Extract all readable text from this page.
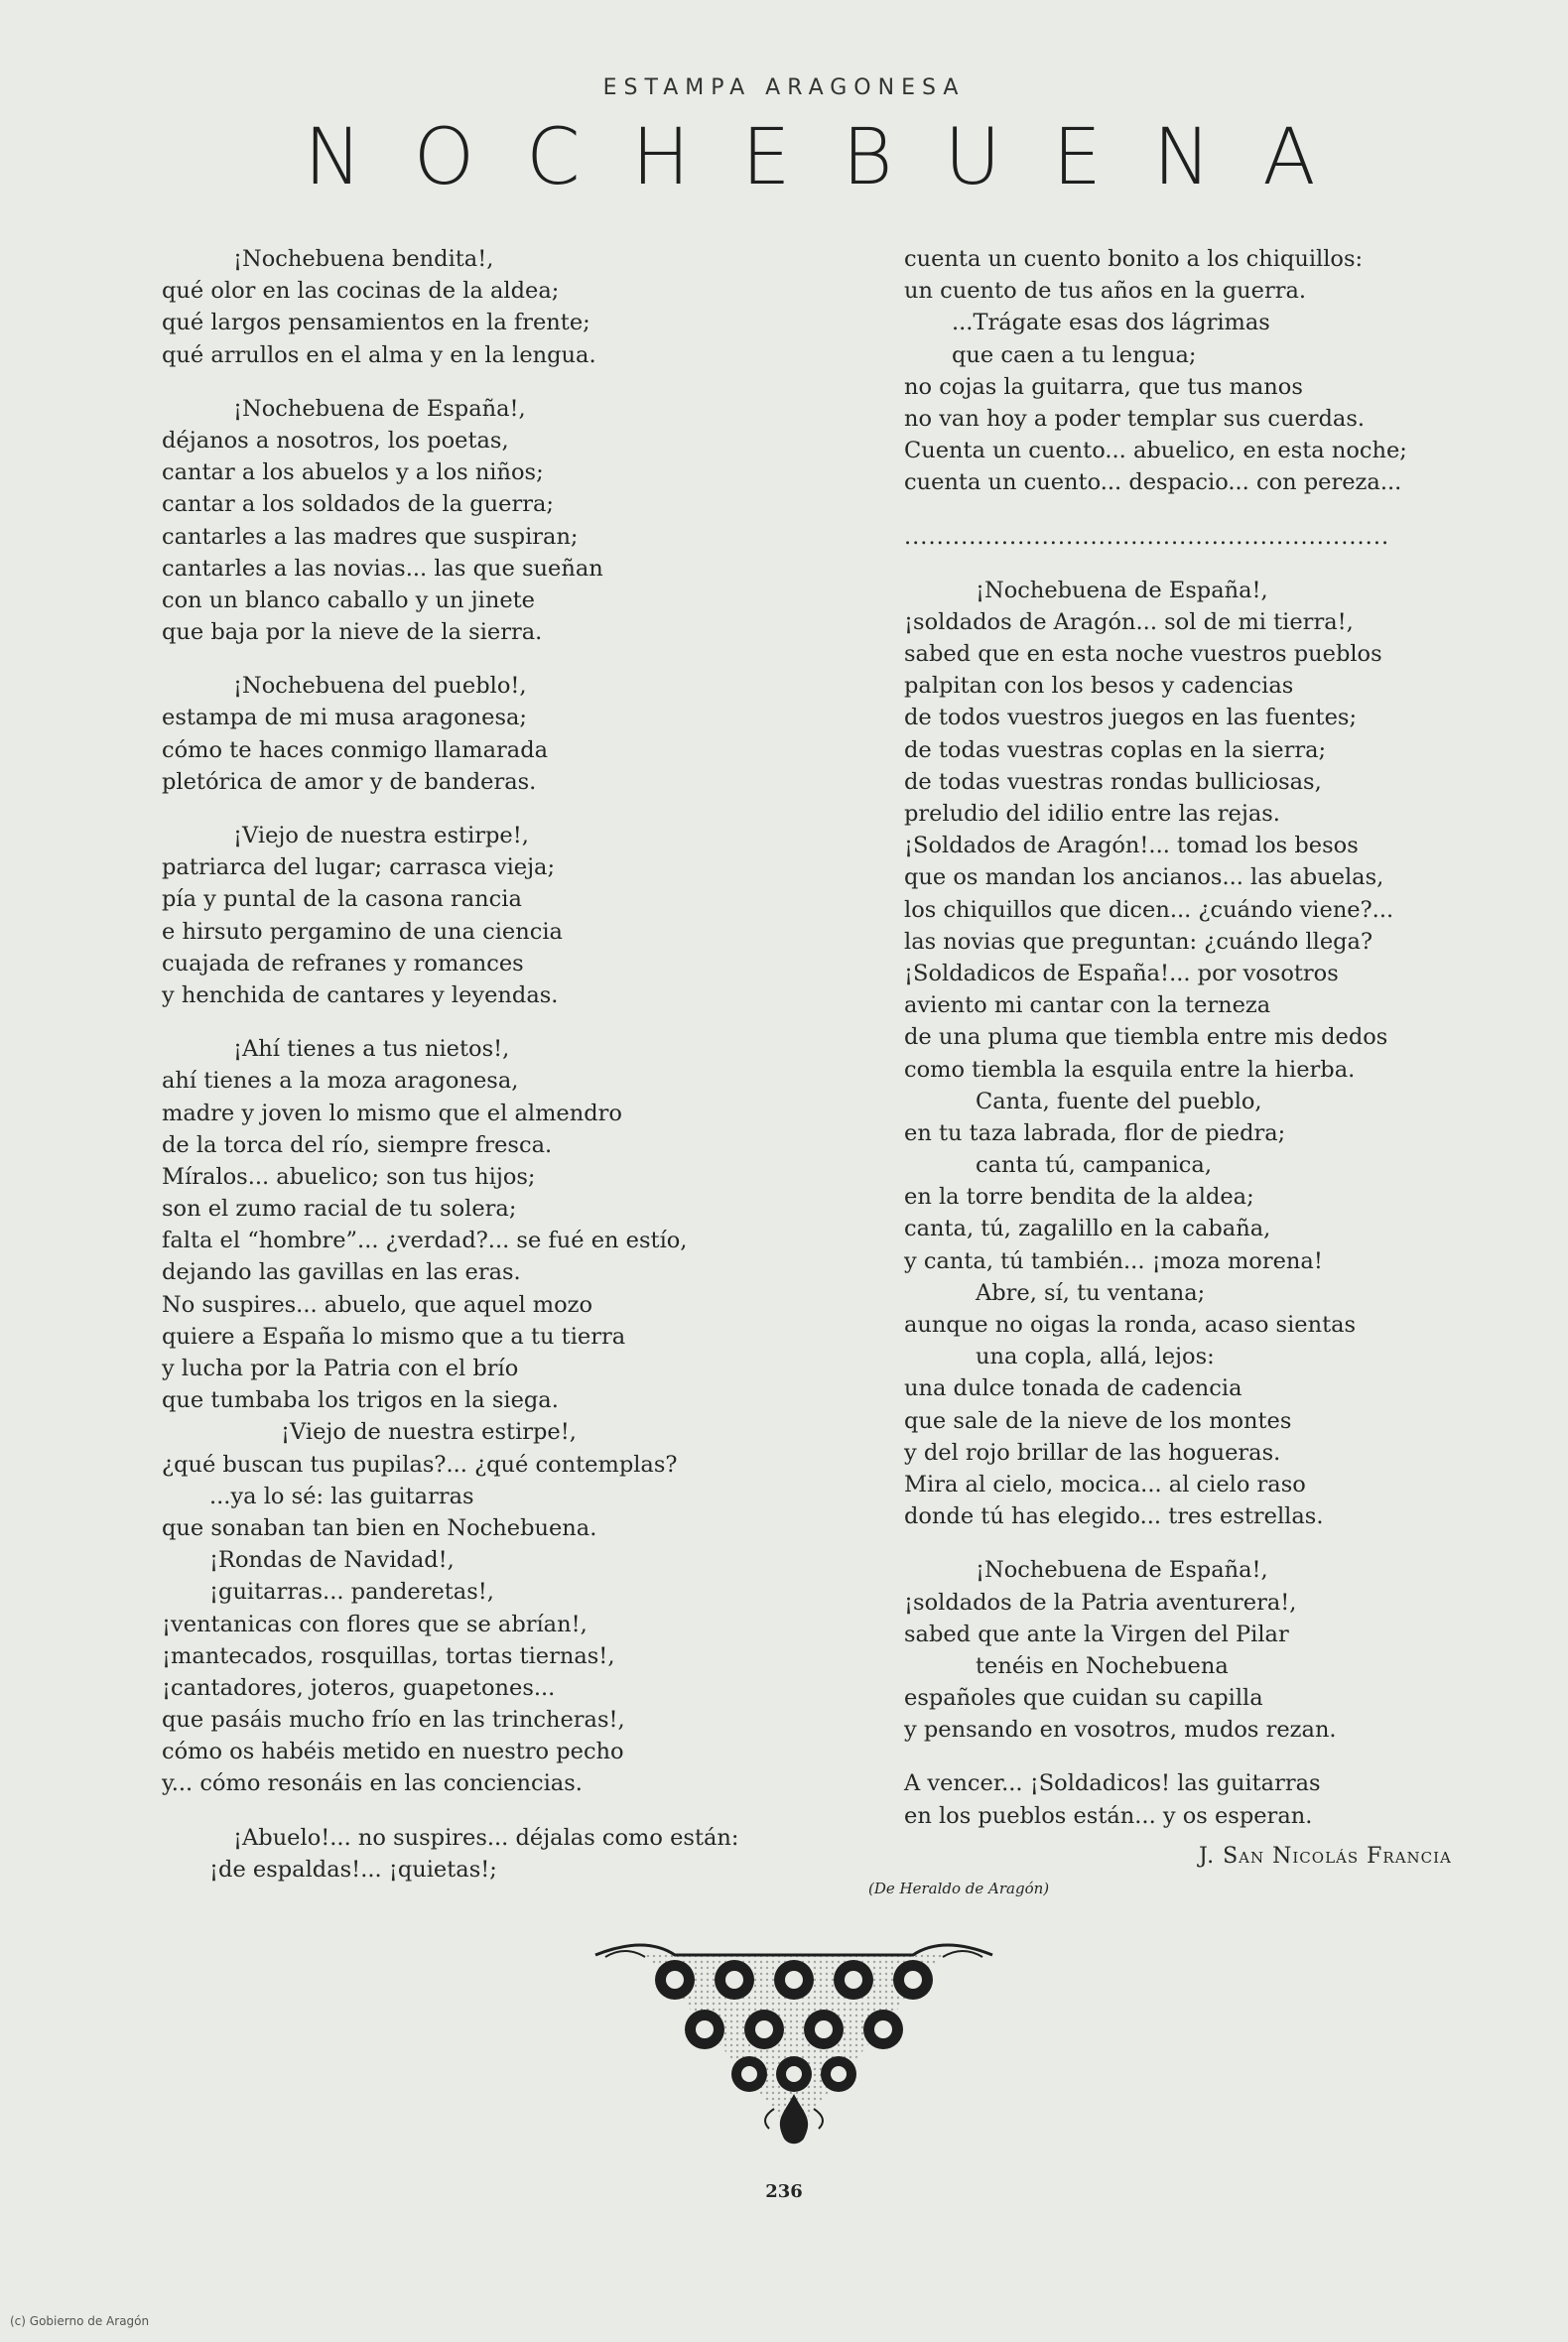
ESTAMPA ARAGONESA
NOCHEBUENA
¡Nochebuena bendita!,
qué olor en las cocinas de la aldea;
qué largos pensamientos en la frente;
qué arrullos en el alma y en la lengua.
¡Nochebuena de España!,
déjanos a nosotros, los poetas,
cantar a los abuelos y a los niños;
cantar a los soldados de la guerra;
cantarles a las madres que suspiran;
cantarles a las novias... las que sueñan
con un blanco caballo y un jinete
que baja por la nieve de la sierra.
¡Nochebuena del pueblo!,
estampa de mi musa aragonesa;
cómo te haces conmigo llamarada
pletórica de amor y de banderas.
¡Viejo de nuestra estirpe!,
patriarca del lugar; carrasca vieja;
pía y puntal de la casona rancia
e hirsuto pergamino de una ciencia
cuajada de refranes y romances
y henchida de cantares y leyendas.
¡Ahí tienes a tus nietos!,
ahí tienes a la moza aragonesa,
madre y joven lo mismo que el almendro
de la torca del río, siempre fresca.
Míralos... abuelico; son tus hijos;
son el zumo racial de tu solera;
falta el “hombre”... ¿verdad?... se fué en estío,
dejando las gavillas en las eras.
No suspires... abuelo, que aquel mozo
quiere a España lo mismo que a tu tierra
y lucha por la Patria con el brío
que tumbaba los trigos en la siega.
¡Viejo de nuestra estirpe!,
¿qué buscan tus pupilas?... ¿qué contemplas?
...ya lo sé: las guitarras
que sonaban tan bien en Nochebuena.
¡Rondas de Navidad!,
¡guitarras... panderetas!,
¡ventanicas con flores que se abrían!,
¡mantecados, rosquillas, tortas tiernas!,
¡cantadores, joteros, guapetones...
que pasáis mucho frío en las trincheras!,
cómo os habéis metido en nuestro pecho
y... cómo resonáis en las conciencias.
¡Abuelo!... no suspires... déjalas como están:
¡de espaldas!... ¡quietas!;
cuenta un cuento bonito a los chiquillos:
un cuento de tus años en la guerra.
...Trágate esas dos lágrimas
que caen a tu lengua;
no cojas la guitarra, que tus manos
no van hoy a poder templar sus cuerdas.
Cuenta un cuento... abuelico, en esta noche;
cuenta un cuento... despacio... con pereza...
............................................................
¡Nochebuena de España!,
¡soldados de Aragón... sol de mi tierra!,
sabed que en esta noche vuestros pueblos
palpitan con los besos y cadencias
de todos vuestros juegos en las fuentes;
de todas vuestras coplas en la sierra;
de todas vuestras rondas bulliciosas,
preludio del idilio entre las rejas.
¡Soldados de Aragón!... tomad los besos
que os mandan los ancianos... las abuelas,
los chiquillos que dicen... ¿cuándo viene?...
las novias que preguntan: ¿cuándo llega?
¡Soldadicos de España!... por vosotros
aviento mi cantar con la terneza
de una pluma que tiembla entre mis dedos
como tiembla la esquila entre la hierba.
Canta, fuente del pueblo,
en tu taza labrada, flor de piedra;
canta tú, campanica,
en la torre bendita de la aldea;
canta, tú, zagalillo en la cabaña,
y canta, tú también... ¡moza morena!
Abre, sí, tu ventana;
aunque no oigas la ronda, acaso sientas
una copla, allá, lejos:
una dulce tonada de cadencia
que sale de la nieve de los montes
y del rojo brillar de las hogueras.
Mira al cielo, mocica... al cielo raso
donde tú has elegido... tres estrellas.
¡Nochebuena de España!,
¡soldados de la Patria aventurera!,
sabed que ante la Virgen del Pilar
tenéis en Nochebuena
españoles que cuidan su capilla
y pensando en vosotros, mudos rezan.
A vencer... ¡Soldadicos! las guitarras
en los pueblos están... y os esperan.
J. San Nicolás Francia
(De Heraldo de Aragón)
236
(c) Gobierno de Aragón
